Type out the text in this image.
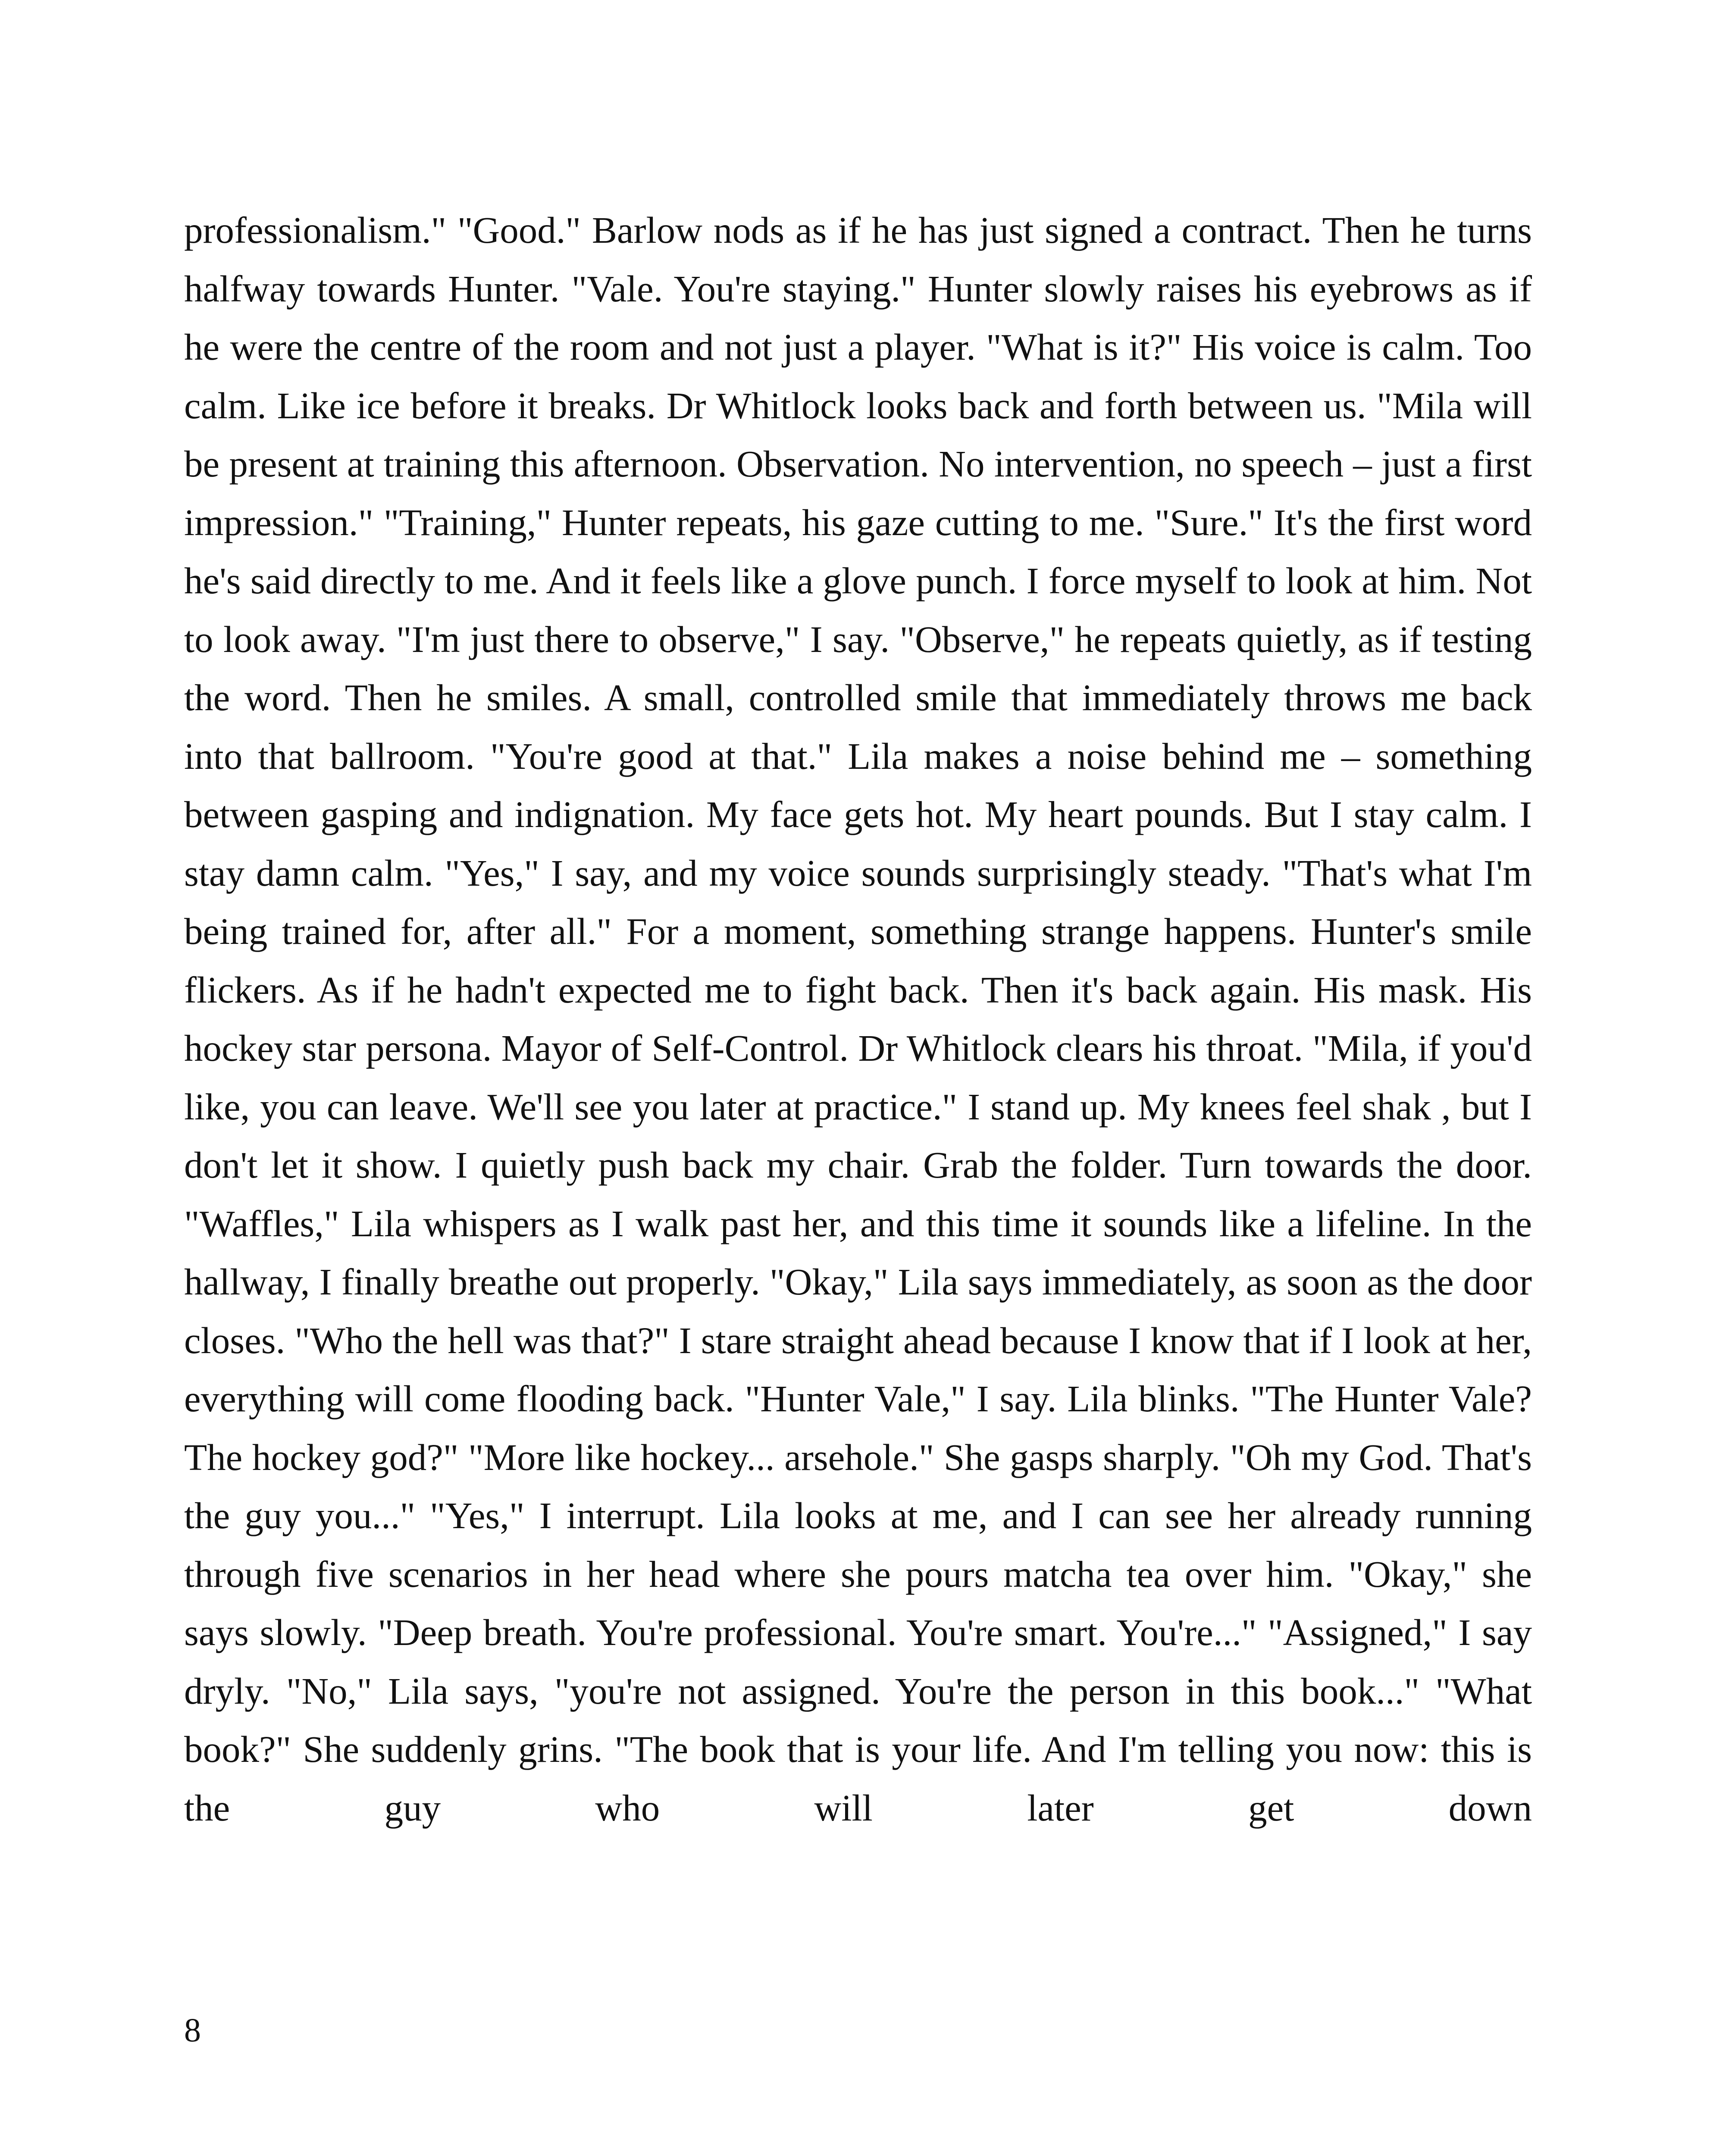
professionalism." "Good." Barlow nods as if he has just signed a contract. Then he turns halfway towards Hunter. "Vale. You're staying." Hunter slowly raises his eyebrows as if he were the centre of the room and not just a player. "What is it?" His voice is calm. Too calm. Like ice before it breaks. Dr Whitlock looks back and forth between us. "Mila will be present at training this afternoon. Observation. No intervention, no speech – just a first impression." "Training," Hunter repeats, his gaze cutting to me. "Sure." It's the first word he's said directly to me. And it feels like a glove punch. I force myself to look at him. Not to look away. "I'm just there to observe," I say. "Observe," he repeats quietly, as if testing the word. Then he smiles. A small, controlled smile that immediately throws me back into that ballroom. "You're good at that." Lila makes a noise behind me – something between gasping and indignation. My face gets hot. My heart pounds. But I stay calm. I stay damn calm. "Yes," I say, and my voice sounds surprisingly steady. "That's what I'm being trained for, after all." For a moment, something strange happens. Hunter's smile flickers. As if he hadn't expected me to fight back. Then it's back again. His mask. His hockey star persona. Mayor of Self-Control. Dr Whitlock clears his throat. "Mila, if you'd like, you can leave. We'll see you later at practice." I stand up. My knees feel shak , but I don't let it show. I quietly push back my chair. Grab the folder. Turn towards the door. "Waffles," Lila whispers as I walk past her, and this time it sounds like a lifeline. In the hallway, I finally breathe out properly. "Okay," Lila says immediately, as soon as the door closes. "Who the hell was that?" I stare straight ahead because I know that if I look at her, everything will come flooding back. "Hunter Vale," I say. Lila blinks. "The Hunter Vale? The hockey god?" "More like hockey... arsehole." She gasps sharply. "Oh my God. That's the guy you..." "Yes," I interrupt. Lila looks at me, and I can see her already running through five scenarios in her head where she pours matcha tea over him. "Okay," she says slowly. "Deep breath. You're professional. You're smart. You're..." "Assigned," I say dryly. "No," Lila says, "you're not assigned. You're the person in this book..." "What book?" She suddenly grins. "The book that is your life. And I'm telling you now: this is the guy who will later get down

8
